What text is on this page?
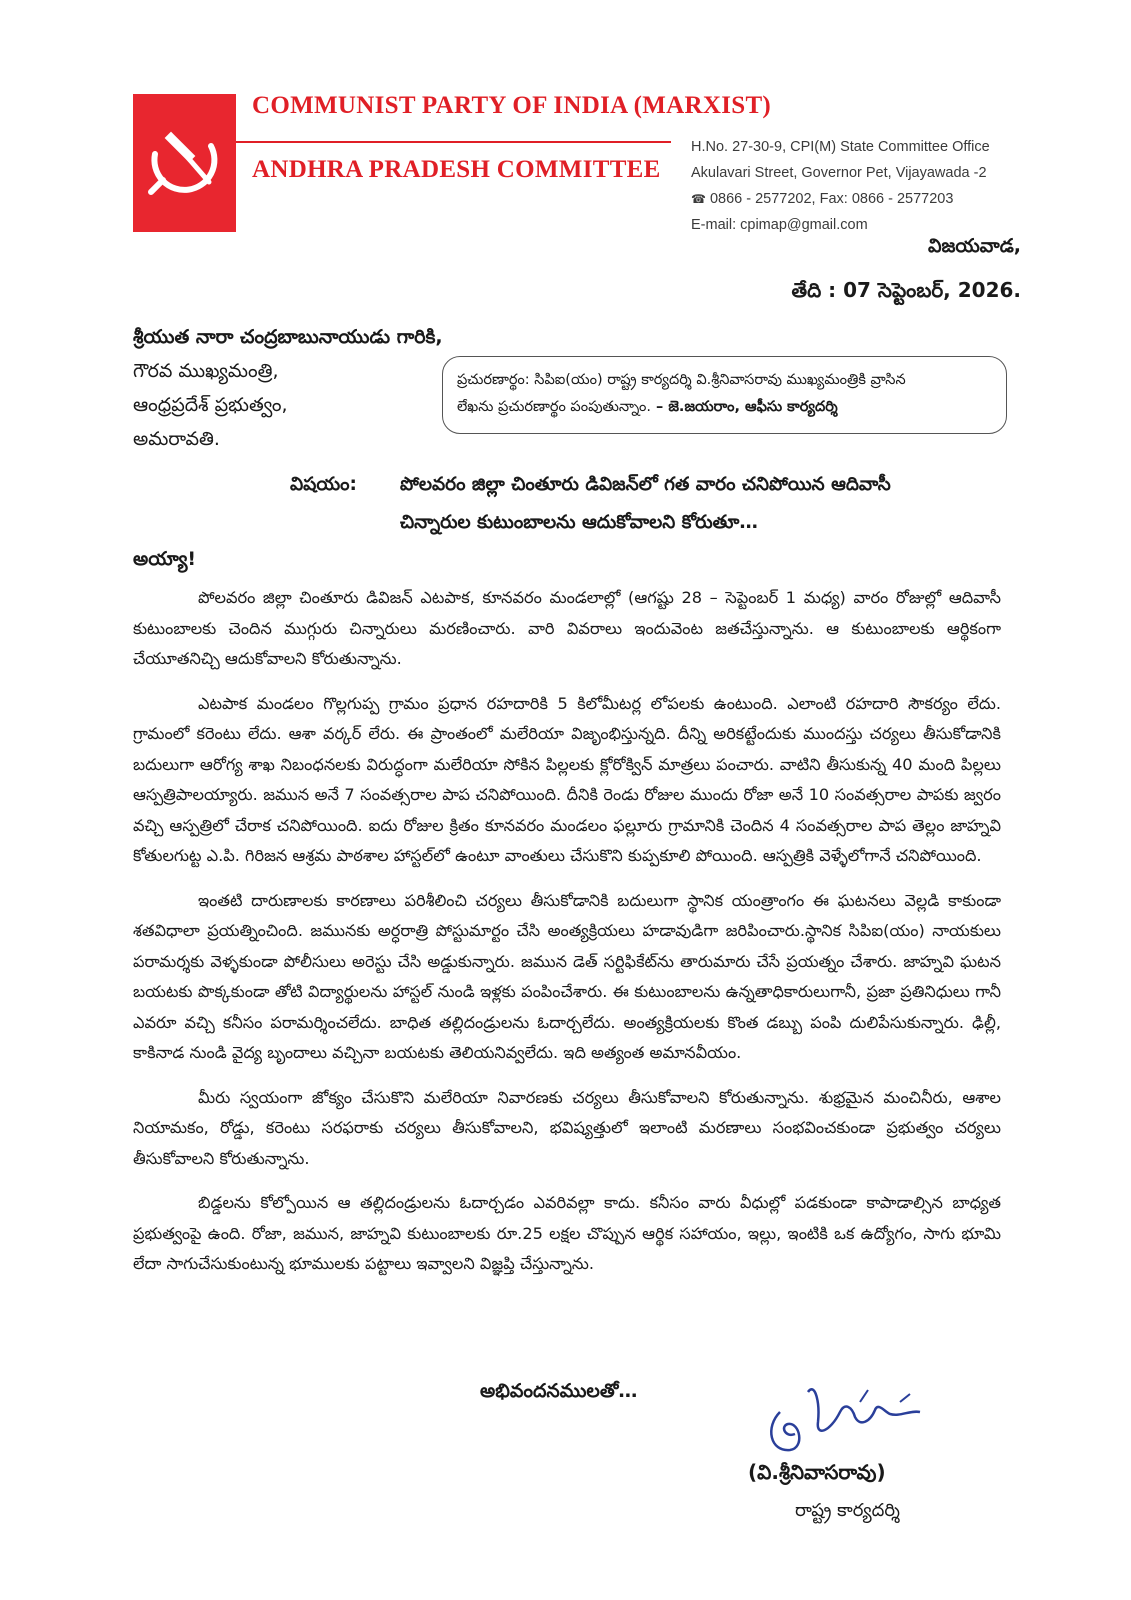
COMMUNIST PARTY OF INDIA (MARXIST)
ANDHRA PRADESH COMMITTEE
H.No. 27-30-9, CPI(M) State Committee Office
Akulavari Street, Governor Pet, Vijayawada -2
☎ 0866 - 2577202, Fax: 0866 - 2577203
E-mail: cpimap@gmail.com
విజయవాడ,
తేది : 07 సెప్టెంబర్, 2026.
శ్రీయుత నారా చంద్రబాబునాయుడు గారికి,
గౌరవ ముఖ్యమంత్రి,
ఆంధ్రప్రదేశ్ ప్రభుత్వం,
అమరావతి.
ప్రచురణార్థం: సిపిఐ(యం) రాష్ట్ర కార్యదర్శి వి.శ్రీనివాసరావు ముఖ్యమంత్రికి వ్రాసిన
లేఖను ప్రచురణార్థం పంపుతున్నాం. – జె.జయరాం, ఆఫీసు కార్యదర్శి
విషయం: పోలవరం జిల్లా చింతూరు డివిజన్‌లో గత వారం చనిపోయిన ఆదివాసీ
చిన్నారుల కుటుంబాలను ఆదుకోవాలని కోరుతూ…
అయ్యా!

పోలవరం జిల్లా చింతూరు డివిజన్ ఎటపాక, కూనవరం మండలాల్లో (ఆగష్టు 28 – సెప్టెంబర్ 1 మధ్య) వారం రోజుల్లో ఆదివాసీ కుటుంబాలకు చెందిన ముగ్గురు చిన్నారులు మరణించారు. వారి వివరాలు ఇందువెంట జతచేస్తున్నాను. ఆ కుటుంబాలకు ఆర్థికంగా చేయూతనిచ్చి ఆదుకోవాలని కోరుతున్నాను.

ఎటపాక మండలం గొల్లగుప్ప గ్రామం ప్రధాన రహదారికి 5 కిలోమీటర్ల లోపలకు ఉంటుంది. ఎలాంటి రహదారి సౌకర్యం లేదు. గ్రామంలో కరెంటు లేదు. ఆశా వర్కర్ లేరు. ఈ ప్రాంతంలో మలేరియా విజృంభిస్తున్నది. దీన్ని అరికట్టేందుకు ముందస్తు చర్యలు తీసుకోడానికి బదులుగా ఆరోగ్య శాఖ నిబంధనలకు విరుద్ధంగా మలేరియా సోకిన పిల్లలకు క్లోరోక్విన్ మాత్రలు పంచారు. వాటిని తీసుకున్న 40 మంది పిల్లలు ఆస్పత్రిపాలయ్యారు. జమున అనే 7 సంవత్సరాల పాప చనిపోయింది. దీనికి రెండు రోజుల ముందు రోజా అనే 10 సంవత్సరాల పాపకు జ్వరం వచ్చి ఆస్పత్రిలో చేరాక చనిపోయింది. ఐదు రోజుల క్రితం కూనవరం మండలం ఫల్లూరు గ్రామానికి చెందిన 4 సంవత్సరాల పాప తెల్లం జాహ్నవి కోతులగుట్ట ఎ.పి. గిరిజన ఆశ్రమ పాఠశాల హాస్టల్‌లో ఉంటూ వాంతులు చేసుకొని కుప్పకూలి పోయింది. ఆస్పత్రికి వెళ్ళేలోగానే చనిపోయింది.

ఇంతటి దారుణాలకు కారణాలు పరిశీలించి చర్యలు తీసుకోడానికి బదులుగా స్థానిక యంత్రాంగం ఈ ఘటనలు వెల్లడి కాకుండా శతవిధాలా ప్రయత్నించింది. జమునకు అర్ధరాత్రి పోస్టుమార్టం చేసి అంత్యక్రియలు హడావుడిగా జరిపించారు.స్థానిక సిపిఐ(యం) నాయకులు పరామర్శకు వెళ్ళకుండా పోలీసులు అరెస్టు చేసి అడ్డుకున్నారు. జమున డెత్ సర్టిఫికేట్‌ను తారుమారు చేసే ప్రయత్నం చేశారు. జాహ్నవి ఘటన బయటకు పొక్కకుండా తోటి విద్యార్థులను హాస్టల్ నుండి ఇళ్లకు పంపించేశారు. ఈ కుటుంబాలను ఉన్నతాధికారులుగానీ, ప్రజా ప్రతినిధులు గానీ ఎవరూ వచ్చి కనీసం పరామర్శించలేదు. బాధిత తల్లిదండ్రులను ఓదార్చలేదు. అంత్యక్రియలకు కొంత డబ్బు పంపి దులిపేసుకున్నారు. ఢిల్లీ, కాకినాడ నుండి వైద్య బృందాలు వచ్చినా బయటకు తెలియనివ్వలేదు. ఇది అత్యంత అమానవీయం.

మీరు స్వయంగా జోక్యం చేసుకొని మలేరియా నివారణకు చర్యలు తీసుకోవాలని కోరుతున్నాను. శుభ్రమైన మంచినీరు, ఆశాల నియామకం, రోడ్డు, కరెంటు సరఫరాకు చర్యలు తీసుకోవాలని, భవిష్యత్తులో ఇలాంటి మరణాలు సంభవించకుండా ప్రభుత్వం చర్యలు తీసుకోవాలని కోరుతున్నాను.

బిడ్డలను కోల్పోయిన ఆ తల్లిదండ్రులను ఓదార్చడం ఎవరివల్లా కాదు. కనీసం వారు వీధుల్లో పడకుండా కాపాడాల్సిన బాధ్యత ప్రభుత్వంపై ఉంది. రోజా, జమున, జాహ్నవి కుటుంబాలకు రూ.25 లక్షల చొప్పున ఆర్థిక సహాయం, ఇల్లు, ఇంటికి ఒక ఉద్యోగం, సాగు భూమి లేదా సాగుచేసుకుంటున్న భూములకు పట్టాలు ఇవ్వాలని విజ్ఞప్తి చేస్తున్నాను.

అభివందనములతో…
(వి.శ్రీనివాసరావు)
రాష్ట్ర కార్యదర్శి
